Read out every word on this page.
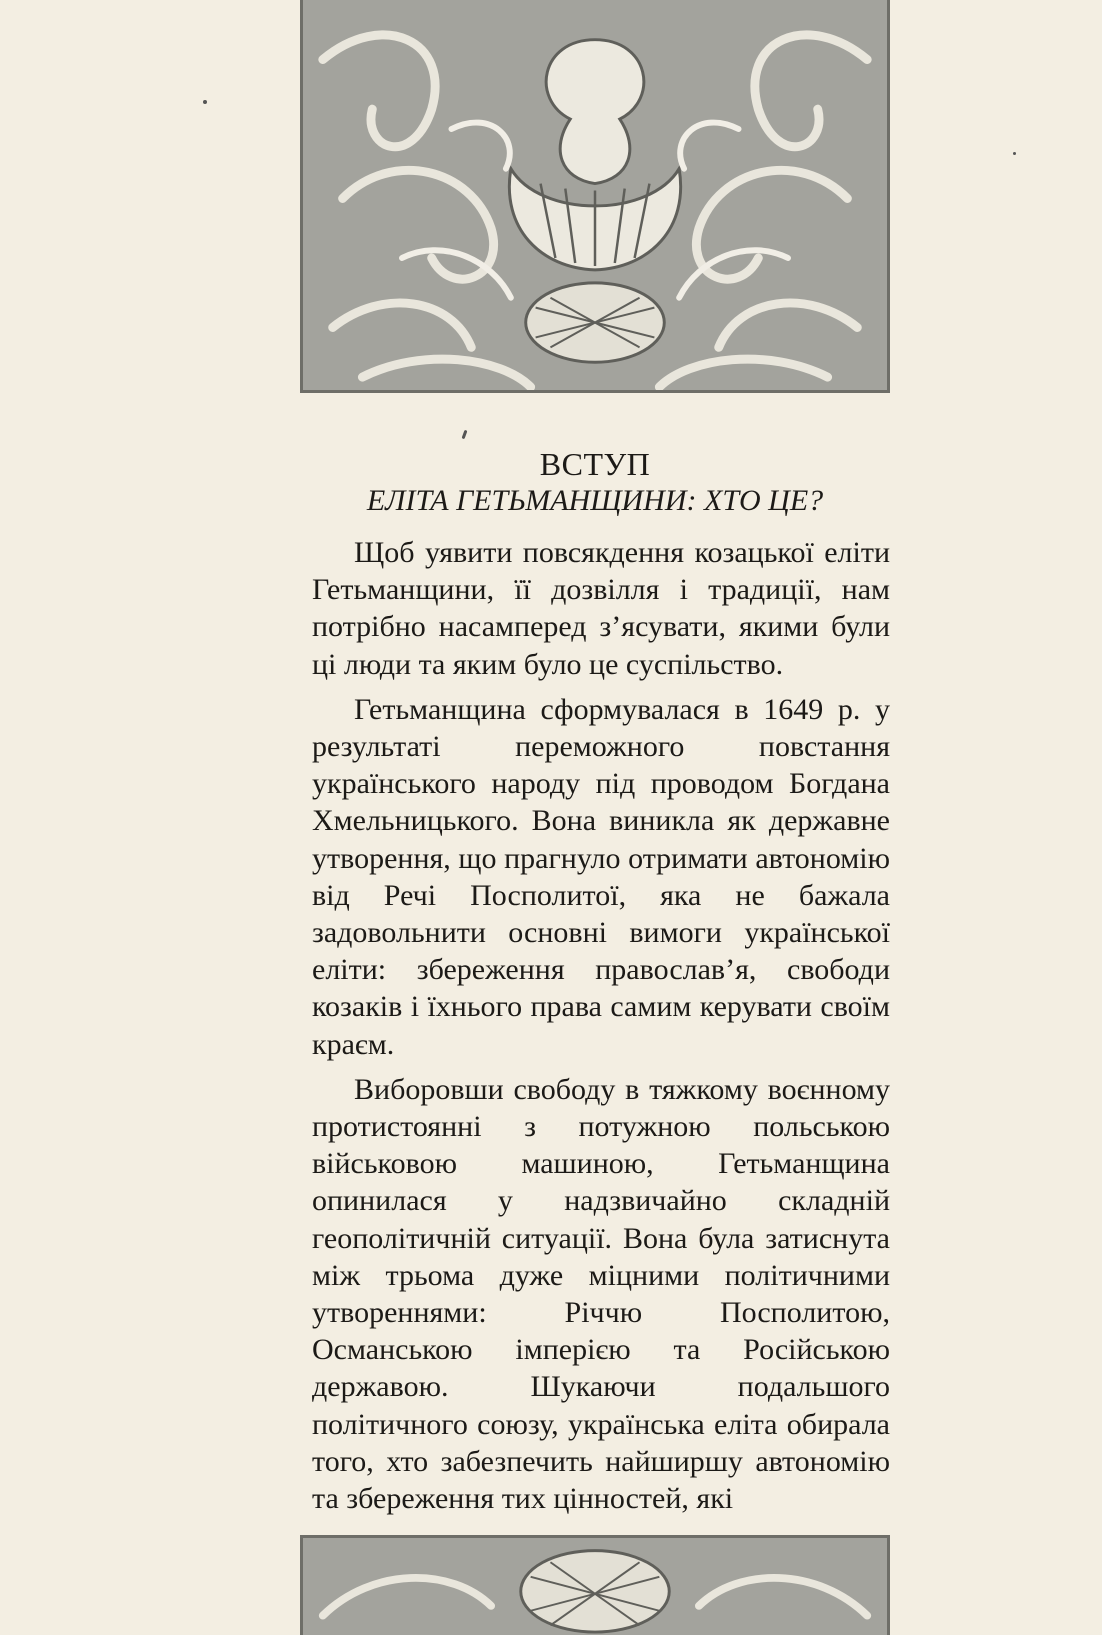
ВСТУП
ЕЛІТА ГЕТЬМАНЩИНИ: ХТО ЦЕ?

Щоб уявити повсякдення козацької еліти Гетьманщини, її дозвілля і традиції, нам потрібно насамперед з’ясувати, якими були ці люди та яким було це суспільство.

Гетьманщина сформувалася в 1649 р. у результаті переможного повстання українського народу під проводом Богдана Хмельницького. Вона виникла як державне утворення, що прагнуло отримати автономію від Речі Посполитої, яка не бажала задовольнити основні вимоги української еліти: збереження православ’я, свободи козаків і їхнього права самим керувати своїм краєм.

Виборовши свободу в тяжкому воєнному протистоянні з потужною польською військовою машиною, Гетьманщина опинилася у надзвичайно складній геополітичній ситуації. Вона була затиснута між трьома дуже міцними політичними утвореннями: Річчю Посполитою, Османською імперією та Російською державою. Шукаючи подальшого політичного союзу, українська еліта обирала того, хто забезпечить найширшу автономію та збереження тих цінностей, які
